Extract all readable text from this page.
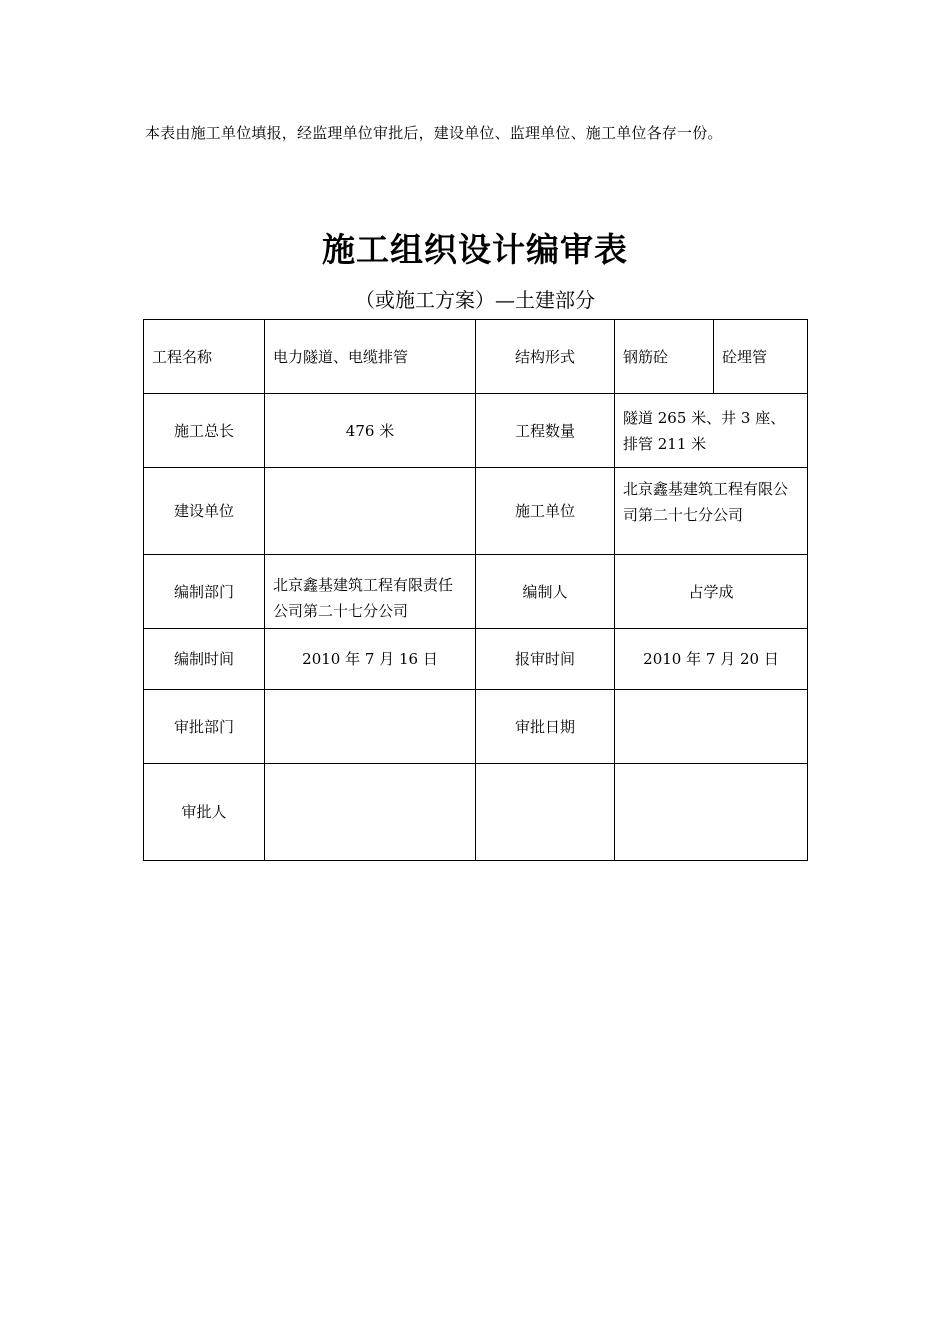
本表由施工单位填报，经监理单位审批后，建设单位、监理单位、施工单位各存一份。
施工组织设计编审表
（或施工方案）—土建部分
工程名称	电力隧道、电缆排管	结构形式	钢筋砼	砼埋管
施工总长	476 米	工程数量	隧道 265 米、井 3 座、排管 211 米	
建设单位		施工单位	北京鑫基建筑工程有限公司第二十七分公司	
编制部门	北京鑫基建筑工程有限责任公司第二十七分公司	编制人	占学成	
编制时间	2010 年 7 月 16 日	报审时间	2010 年 7 月 20 日	
审批部门		审批日期		
审批人				
